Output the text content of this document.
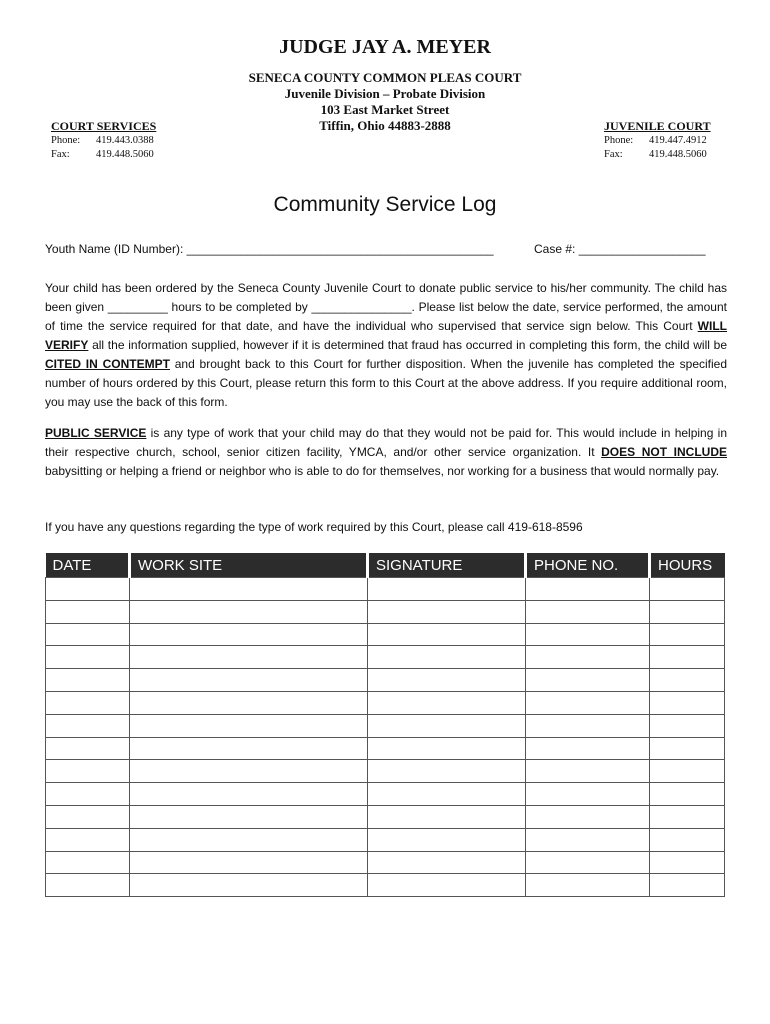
JUDGE JAY A. MEYER
SENECA COUNTY COMMON PLEAS COURT
Juvenile Division – Probate Division
103 East Market Street
Tiffin, Ohio 44883-2888
COURT SERVICES
Phone:	419.443.0388
Fax:	419.448.5060
JUVENILE COURT
Phone:	419.447.4912
Fax:	419.448.5060
Community Service Log
Youth Name (ID Number): ______________________________________________	Case #: ___________________
Your child has been ordered by the Seneca County Juvenile Court to donate public service to his/her community. The child has been given _________ hours to be completed by _______________. Please list below the date, service performed, the amount of time the service required for that date, and have the individual who supervised that service sign below. This Court WILL VERIFY all the information supplied, however if it is determined that fraud has occurred in completing this form, the child will be CITED IN CONTEMPT and brought back to this Court for further disposition. When the juvenile has completed the specified number of hours ordered by this Court, please return this form to this Court at the above address. If you require additional room, you may use the back of this form.
PUBLIC SERVICE is any type of work that your child may do that they would not be paid for. This would include in helping in their respective church, school, senior citizen facility, YMCA, and/or other service organization. It DOES NOT INCLUDE babysitting or helping a friend or neighbor who is able to do for themselves, nor working for a business that would normally pay.
If you have any questions regarding the type of work required by this Court, please call 419-618-8596
DATE	WORK SITE	SIGNATURE	PHONE NO.	HOURS
